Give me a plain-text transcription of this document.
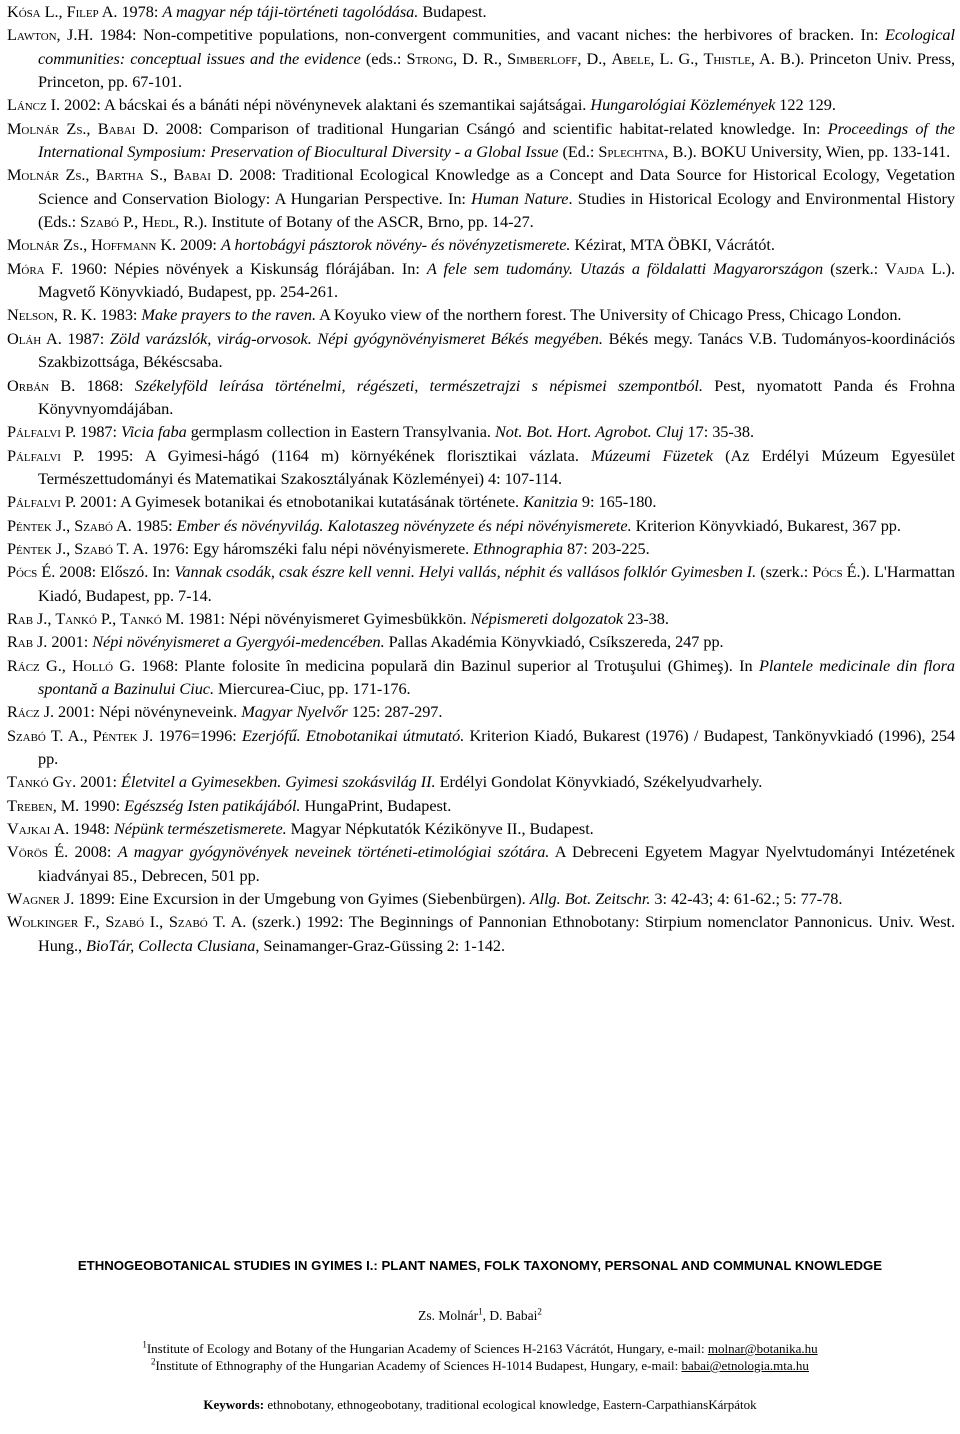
Kósa L., Filep A. 1978: A magyar nép táji-történeti tagolódása. Budapest.
Lawton, J.H. 1984: Non-competitive populations, non-convergent communities, and vacant niches: the herbivores of bracken. In: Ecological communities: conceptual issues and the evidence (eds.: Strong, D. R., Simberloff, D., Abele, L. G., Thistle, A. B.). Princeton Univ. Press, Princeton, pp. 67-101.
Láncz I. 2002: A bácskai és a bánáti népi növénynevek alaktani és szemantikai sajátságai. Hungarológiai Közlemények 122 129.
Molnár Zs., Babai D. 2008: Comparison of traditional Hungarian Csángó and scientific habitat-related knowledge. In: Proceedings of the International Symposium: Preservation of Biocultural Diversity - a Global Issue (Ed.: Splechtna, B.). BOKU University, Wien, pp. 133-141.
Molnár Zs., Bartha S., Babai D. 2008: Traditional Ecological Knowledge as a Concept and Data Source for Historical Ecology, Vegetation Science and Conservation Biology: A Hungarian Perspective. In: Human Nature. Studies in Historical Ecology and Environmental History (Eds.: Szabó P., Hedl, R.). Institute of Botany of the ASCR, Brno, pp. 14-27.
Molnár Zs., Hoffmann K. 2009: A hortobágyi pásztorok növény- és növényzetismerete. Kézirat, MTA ÖBKI, Vácrátót.
Móra F. 1960: Népies növények a Kiskunság flórájában. In: A fele sem tudomány. Utazás a földalatti Magyarországon (szerk.: Vajda L.). Magvető Könyvkiadó, Budapest, pp. 254-261.
Nelson, R. K. 1983: Make prayers to the raven. A Koyuko view of the northern forest. The University of Chicago Press, Chicago London.
Oláh A. 1987: Zöld varázslók, virág-orvosok. Népi gyógynövényismeret Békés megyében. Békés megy. Tanács V.B. Tudományos-koordinációs Szakbizottsága, Békéscsaba.
Orbán B. 1868: Székelyföld leírása történelmi, régészeti, természetrajzi s népismei szempontból. Pest, nyomatott Panda és Frohna Könyvnyomdájában.
Pálfalvi P. 1987: Vicia faba germplasm collection in Eastern Transylvania. Not. Bot. Hort. Agrobot. Cluj 17: 35-38.
Pálfalvi P. 1995: A Gyimesi-hágó (1164 m) környékének florisztikai vázlata. Múzeumi Füzetek (Az Erdélyi Múzeum Egyesület Természettudományi és Matematikai Szakosztályának Közleményei) 4: 107-114.
Pálfalvi P. 2001: A Gyimesek botanikai és etnobotanikai kutatásának története. Kanitzia 9: 165-180.
Péntek J., Szabó A. 1985: Ember és növényvilág. Kalotaszeg növényzete és népi növényismerete. Kriterion Könyvkiadó, Bukarest, 367 pp.
Péntek J., Szabó T. A. 1976: Egy háromszéki falu népi növényismerete. Ethnographia 87: 203-225.
Pócs É. 2008: Előszó. In: Vannak csodák, csak észre kell venni. Helyi vallás, néphit és vallásos folklór Gyimesben I. (szerk.: Pócs É.). L'Harmattan Kiadó, Budapest, pp. 7-14.
Rab J., Tankó P., Tankó M. 1981: Népi növényismeret Gyimesbükkön. Népismereti dolgozatok 23-38.
Rab J. 2001: Népi növényismeret a Gyergyói-medencében. Pallas Akadémia Könyvkiadó, Csíkszereda, 247 pp.
Rácz G., Holló G. 1968: Plante folosite în medicina populară din Bazinul superior al Trotuşului (Ghimeş). In Plantele medicinale din flora spontană a Bazinului Ciuc. Miercurea-Ciuc, pp. 171-176.
Rácz J. 2001: Népi növényneveink. Magyar Nyelvőr 125: 287-297.
Szabó T. A., Péntek J. 1976=1996: Ezerjófű. Etnobotanikai útmutató. Kriterion Kiadó, Bukarest (1976) / Budapest, Tankönyvkiadó (1996), 254 pp.
Tankó Gy. 2001: Életvitel a Gyimesekben. Gyimesi szokásvilág II. Erdélyi Gondolat Könyvkiadó, Székelyudvarhely.
Treben, M. 1990: Egészség Isten patikájából. HungaPrint, Budapest.
Vajkai A. 1948: Népünk természetismerete. Magyar Népkutatók Kézikönyve II., Budapest.
Vörös É. 2008: A magyar gyógynövények neveinek történeti-etimológiai szótára. A Debreceni Egyetem Magyar Nyelvtudományi Intézetének kiadványai 85., Debrecen, 501 pp.
Wagner J. 1899: Eine Excursion in der Umgebung von Gyimes (Siebenbürgen). Allg. Bot. Zeitschr. 3: 42-43; 4: 61-62.; 5: 77-78.
Wolkinger F., Szabó I., Szabó T. A. (szerk.) 1992: The Beginnings of Pannonian Ethnobotany: Stirpium nomenclator Pannonicus. Univ. West. Hung., BioTár, Collecta Clusiana, Seinamanger-Graz-Güssing 2: 1-142.
ETHNOGEOBOTANICAL STUDIES IN GYIMES I.: PLANT NAMES, FOLK TAXONOMY, PERSONAL AND COMMUNAL KNOWLEDGE
Zs. Molnár$^1$, D. Babai$^2$
$^1$Institute of Ecology and Botany of the Hungarian Academy of Sciences H-2163 Vácrátót, Hungary, e-mail: molnar@botanika.hu
$^2$Institute of Ethnography of the Hungarian Academy of Sciences H-1014 Budapest, Hungary, e-mail: babai@etnologia.mta.hu
Keywords: ethnobotany, ethnogeobotany, traditional ecological knowledge, Eastern-CarpathiansKárpátok
